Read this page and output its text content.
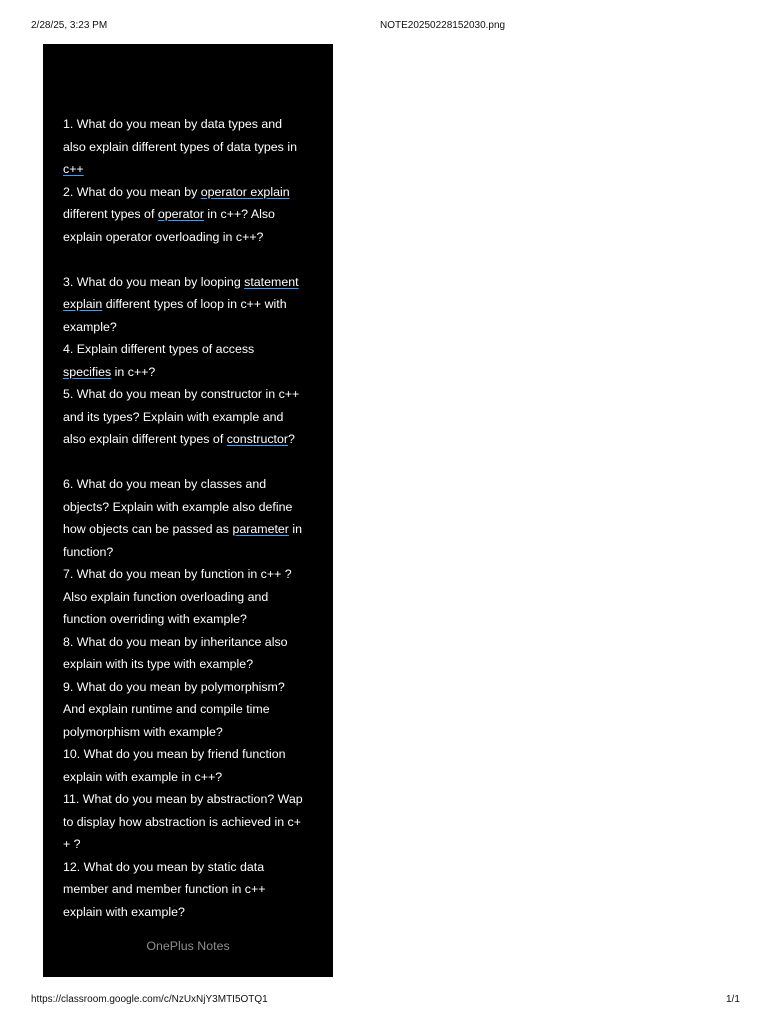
2/28/25, 3:23 PM	NOTE20250228152030.png

1. What do you mean by data types and

also explain different types of data types in

c++

2. What do you mean by operator explain

different types of operator in c++? Also

explain operator overloading in c++?

3. What do you mean by looping statement

explain different types of loop in c++ with

example?

4. Explain different types of access

specifies in c++?

5. What do you mean by constructor in c++

and its types? Explain with example and

also explain different types of constructor?

6. What do you mean by classes and

objects? Explain with example also define

how objects can be passed as parameter in

function?

7. What do you mean by function in c++ ?

Also explain function overloading and

function overriding with example?

8. What do you mean by inheritance also

explain with its type with example?

9. What do you mean by polymorphism?

And explain runtime and compile time

polymorphism with example?

10. What do you mean by friend function

explain with example in c++?

11. What do you mean by abstraction? Wap

to display how abstraction is achieved in c+

+ ?

12. What do you mean by static data

member and member function in c++

explain with example?

OnePlus Notes
https://classroom.google.com/c/NzUxNjY3MTI5OTQ1	1/1
